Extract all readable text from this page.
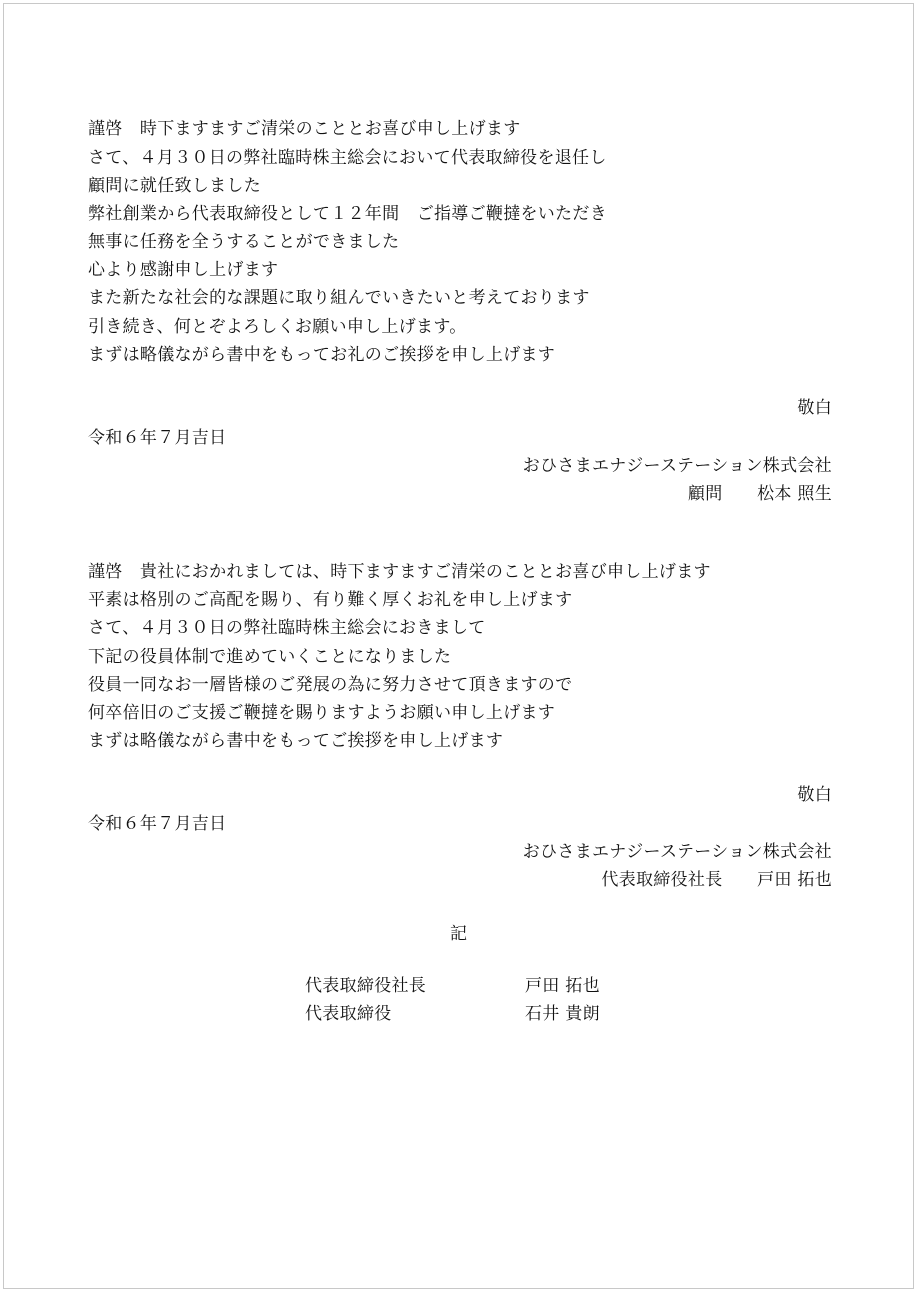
謹啓　時下ますますご清栄のこととお喜び申し上げます
さて、４月３０日の弊社臨時株主総会において代表取締役を退任し
顧問に就任致しました
弊社創業から代表取締役として１２年間　ご指導ご鞭撻をいただき
無事に任務を全うすることができました
心より感謝申し上げます
また新たな社会的な課題に取り組んでいきたいと考えております
引き続き、何とぞよろしくお願い申し上げます。
まずは略儀ながら書中をもってお礼のご挨拶を申し上げます
敬白
令和６年７月吉日
おひさまエナジーステーション株式会社
顧問　　松本 照生
謹啓　貴社におかれましては、時下ますますご清栄のこととお喜び申し上げます
平素は格別のご高配を賜り、有り難く厚くお礼を申し上げます
さて、４月３０日の弊社臨時株主総会におきまして
下記の役員体制で進めていくことになりました
役員一同なお一層皆様のご発展の為に努力させて頂きますので
何卒倍旧のご支援ご鞭撻を賜りますようお願い申し上げます
まずは略儀ながら書中をもってご挨拶を申し上げます
敬白
令和６年７月吉日
おひさまエナジーステーション株式会社
代表取締役社長　　戸田 拓也
記
代表取締役社長	戸田 拓也
代表取締役	石井 貴朗
